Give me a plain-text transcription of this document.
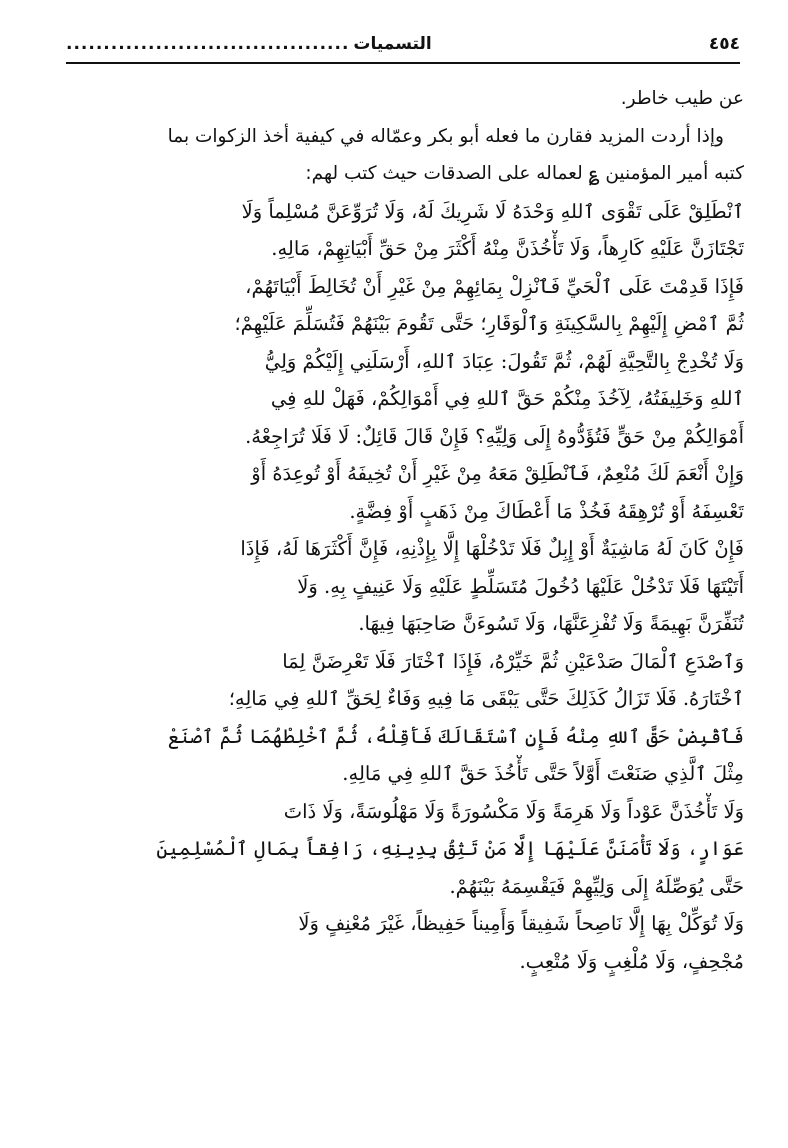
٤٥٤
التسميات
......................................
عن طيب خاطر.
وإذا أردت المزيد فقارن ما فعله أبو بكر وعمّاله في كيفية أخذ الزكوات بما
كتبه أمير المؤمنين ؏ لعماله على الصدقات حيث كتب لهم:
ٱنْطَلِقْ عَلَى تَقْوَى ٱللهِ وَحْدَهُ لَا شَرِيكَ لَهُ، وَلَا تُرَوِّعَنَّ مُسْلِماً وَلَا
تَجْتَازَنَّ عَلَيْهِ كَارِهاً، وَلَا تَأْخُذَنَّ مِنْهُ أَكْثَرَ مِنْ حَقِّ أَبْيَاتِهِمْ، مَالِهِ.
فَإِذَا قَدِمْتَ عَلَى ٱلْحَيِّ فَٱنْزِلْ بِمَائِهِمْ مِنْ غَيْرِ أَنْ تُخَالِطَ أَبْيَاتَهُمْ،
ثُمَّ ٱمْضِ إِلَيْهِمْ بِالسَّكِينَةِ وَٱلْوَقَارِ؛ حَتَّى تَقُومَ بَيْنَهُمْ فَتُسَلِّمَ عَلَيْهِمْ؛
وَلَا تُخْدِجْ بِالتَّحِيَّةِ لَهُمْ، ثُمَّ تَقُولَ: عِبَادَ ٱللهِ، أَرْسَلَنِي إِلَيْكُمْ وَلِيُّ
ٱللهِ وَخَلِيفَتُهُ، لِآخُذَ مِنْكُمْ حَقَّ ٱللهِ فِي أَمْوَالِكُمْ، فَهَلْ للهِ فِي
أَمْوَالِكُمْ مِنْ حَقٍّ فَتُؤَدُّوهُ إِلَى وَلِيِّهِ؟ فَإِنْ قَالَ قَائِلٌ: لَا فَلَا تُرَاجِعْهُ.
وَإِنْ أَنْعَمَ لَكَ مُنْعِمٌ، فَٱنْطَلِقْ مَعَهُ مِنْ غَيْرِ أَنْ تُخِيفَهُ أَوْ تُوعِدَهُ أَوْ
تَعْسِفَهُ أَوْ تُرْهِقَهُ فَخُذْ مَا أَعْطَاكَ مِنْ ذَهَبٍ أَوْ فِضَّةٍ.
فَإِنْ كَانَ لَهُ مَاشِيَةٌ أَوْ إِبِلٌ فَلَا تَدْخُلْهَا إِلَّا بِإِذْنِهِ، فَإِنَّ أَكْثَرَهَا لَهُ، فَإِذَا
أَتَيْتَهَا فَلَا تَدْخُلْ عَلَيْهَا دُخُولَ مُتَسَلِّطٍ عَلَيْهِ وَلَا عَنِيفٍ بِهِ. وَلَا
تُنَفِّرَنَّ بَهِيمَةً وَلَا تُفْزِعَنَّهَا، وَلَا تَسُوءَنَّ صَاحِبَهَا فِيهَا.
وَٱصْدَعِ ٱلْمَالَ صَدْعَيْنِ ثُمَّ خَيِّرْهُ، فَإِذَا ٱخْتَارَ فَلَا تَعْرِضَنَّ لِمَا
ٱخْتَارَهُ. فَلَا تَزَالُ كَذَلِكَ حَتَّى يَبْقَى مَا فِيهِ وَفَاءٌ لِحَقِّ ٱللهِ فِي مَالِهِ؛
فَٱقْبِضْ حَقَّ ٱللهِ مِنْهُ فَإِنِ ٱسْتَقَالَكَ فَأَقِلْهُ، ثُمَّ ٱخْلِطْهُمَا ثُمَّ ٱصْنَعْ
مِثْلَ ٱلَّذِي صَنَعْتَ أَوَّلاً حَتَّى تَأْخُذَ حَقَّ ٱللهِ فِي مَالِهِ.
وَلَا تَأْخُذَنَّ عَوْداً وَلَا هَرِمَةً وَلَا مَكْسُورَةً وَلَا مَهْلُوسَةً، وَلَا ذَاتَ
عَوَارٍ، وَلَا تَأْمَنَنَّ عَلَيْهَا إِلَّا مَنْ تَثِقُ بِدِينِهِ، رَافِقاً بِمَالِ ٱلْمُسْلِمِينَ
حَتَّى يُوَصِّلَهُ إِلَى وَلِيِّهِمْ فَيَقْسِمَهُ بَيْنَهُمْ.
وَلَا تُوَكِّلْ بِهَا إِلَّا نَاصِحاً شَفِيقاً وَأَمِيناً حَفِيظاً، غَيْرَ مُعْنِفٍ وَلَا
مُجْحِفٍ، وَلَا مُلْغِبٍ وَلَا مُتْعِبٍ.
